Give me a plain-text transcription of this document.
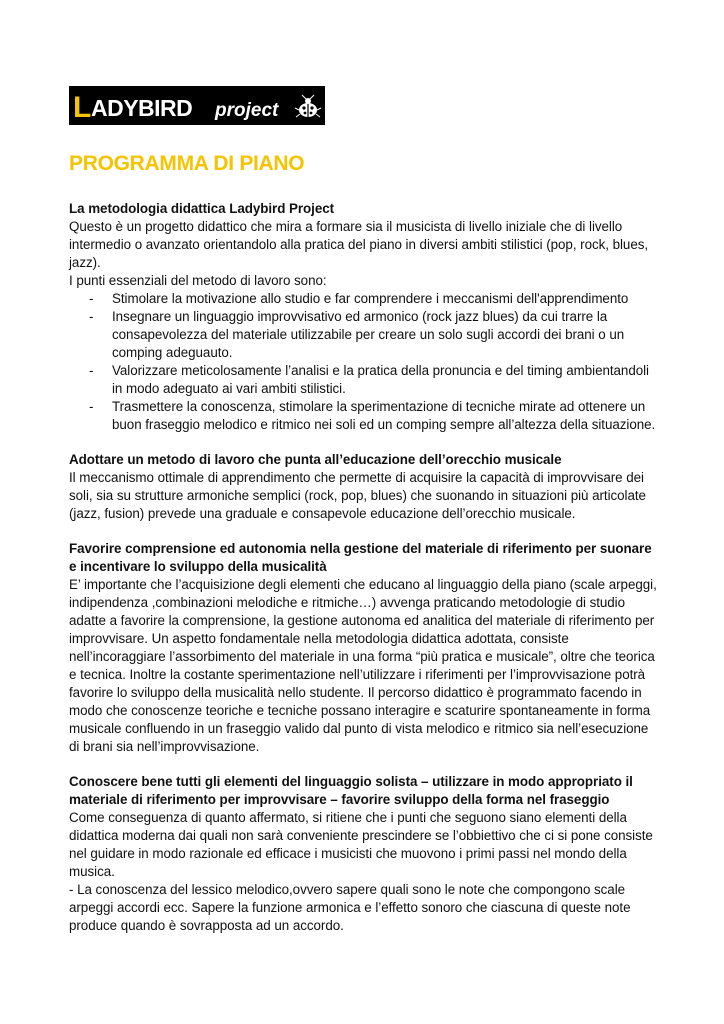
L ADYBIRD project
PROGRAMMA DI PIANO

La metodologia didattica Ladybird Project

Questo è un progetto didattico che mira a formare sia il musicista di livello iniziale che di livello intermedio o avanzato orientandolo alla pratica del piano in diversi ambiti stilistici (pop, rock, blues, jazz).

I punti essenziali del metodo di lavoro sono:

- Stimolare la motivazione allo studio e far comprendere i meccanismi dell'apprendimento
- Insegnare un linguaggio improvvisativo ed armonico (rock jazz blues) da cui trarre la consapevolezza del materiale utilizzabile per creare un solo sugli accordi dei brani o un comping adeguauto.
- Valorizzare meticolosamente l’analisi e la pratica della pronuncia e del timing ambientandoli in modo adeguato ai vari ambiti stilistici.
- Trasmettere la conoscenza, stimolare la sperimentazione di tecniche mirate ad ottenere un buon fraseggio melodico e ritmico nei soli ed un comping sempre all’altezza della situazione.

Adottare un metodo di lavoro che punta all’educazione dell’orecchio musicale

Il meccanismo ottimale di apprendimento che permette di acquisire la capacità di improvvisare dei soli, sia su strutture armoniche semplici (rock, pop, blues) che suonando in situazioni più articolate (jazz, fusion) prevede una graduale e consapevole educazione dell’orecchio musicale.

Favorire comprensione ed autonomia nella gestione del materiale di riferimento per suonare e incentivare lo sviluppo della musicalità

E’ importante che l’acquisizione degli elementi che educano al linguaggio della piano (scale arpeggi, indipendenza ,combinazioni melodiche e ritmiche…) avvenga praticando metodologie di studio adatte a favorire la comprensione, la gestione autonoma ed analitica del materiale di riferimento per improvvisare. Un aspetto fondamentale nella metodologia didattica adottata, consiste nell’incoraggiare l’assorbimento del materiale in una forma “più pratica e musicale”, oltre che teorica e tecnica. Inoltre la costante sperimentazione nell’utilizzare i riferimenti per l’improvvisazione potrà favorire lo sviluppo della musicalità nello studente. Il percorso didattico è programmato facendo in modo che conoscenze teoriche e tecniche possano interagire e scaturire spontaneamente in forma musicale confluendo in un fraseggio valido dal punto di vista melodico e ritmico sia nell’esecuzione di brani sia nell’improvvisazione.

Conoscere bene tutti gli elementi del linguaggio solista – utilizzare in modo appropriato il materiale di riferimento per improvvisare – favorire sviluppo della forma nel fraseggio

Come conseguenza di quanto affermato, si ritiene che i punti che seguono siano elementi della didattica moderna dai quali non sarà conveniente prescindere se l’obbiettivo che ci si pone consiste nel guidare in modo razionale ed efficace i musicisti che muovono i primi passi nel mondo della musica.

- La conoscenza del lessico melodico,ovvero sapere quali sono le note che compongono scale arpeggi accordi ecc. Sapere la funzione armonica e l’effetto sonoro che ciascuna di queste note produce quando è sovrapposta ad un accordo.
